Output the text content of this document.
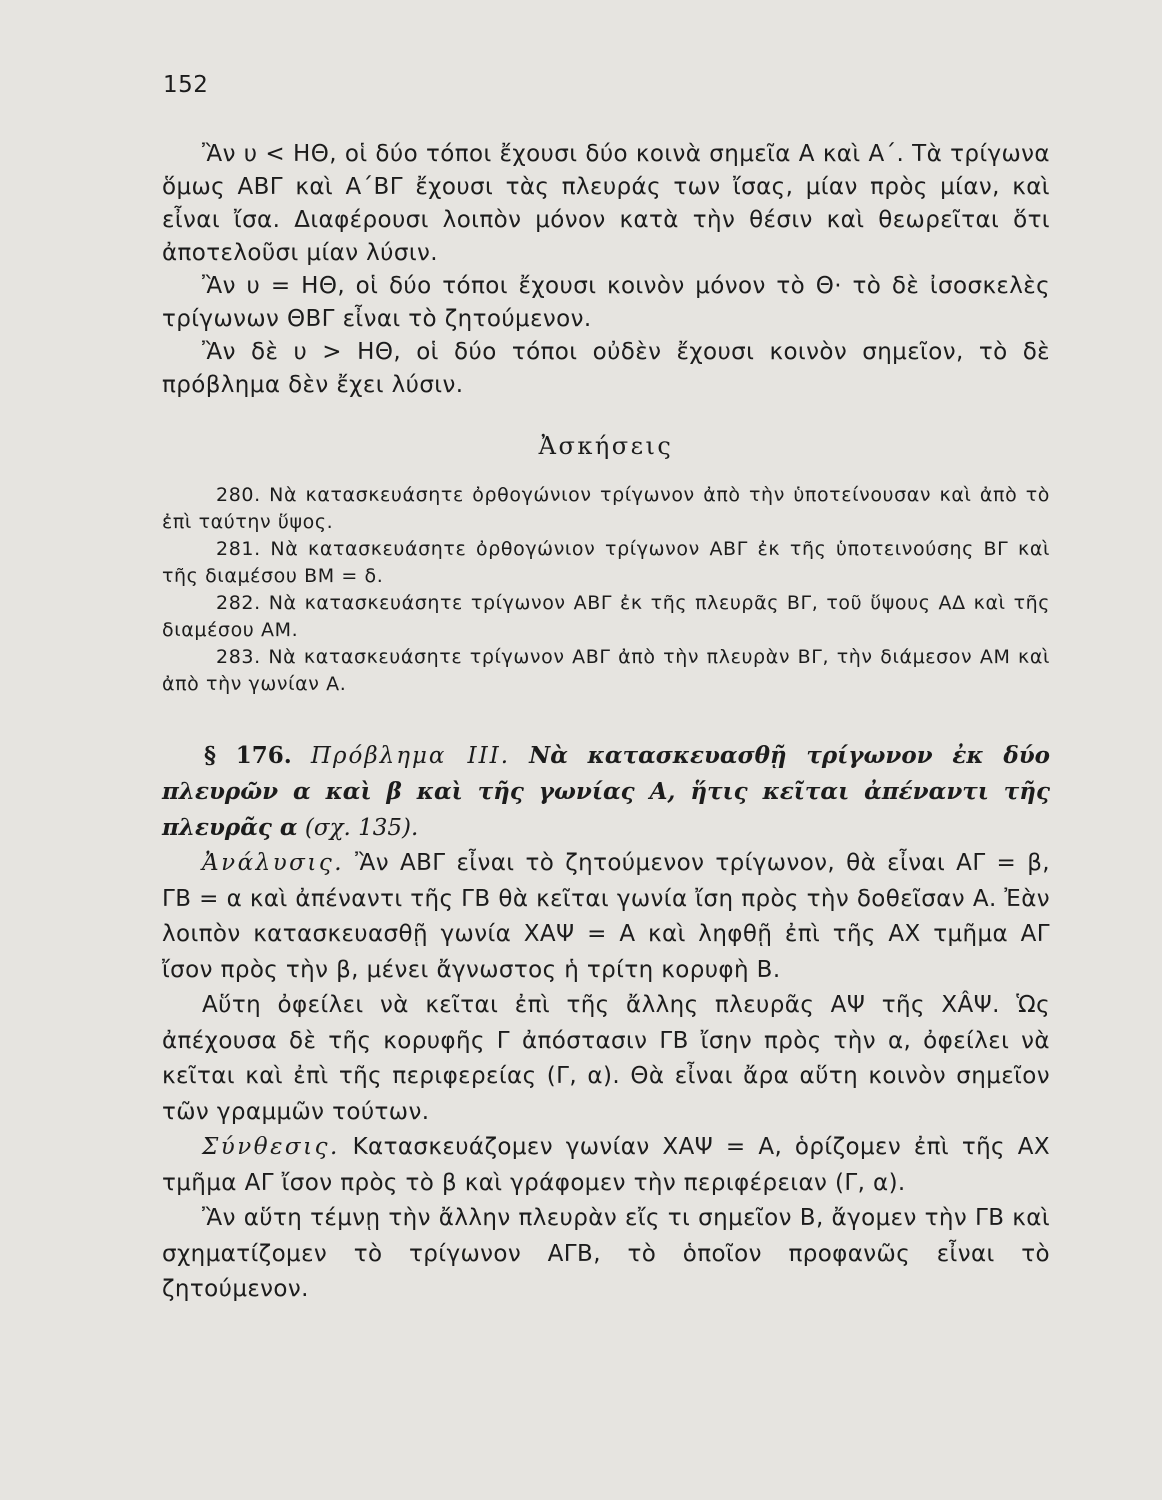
152

Ἂν υ < ΗΘ, οἱ δύο τόποι ἔχουσι δύο κοινὰ σημεῖα Α καὶ Α΄. Τὰ τρίγωνα ὅμως ΑΒΓ καὶ Α΄ΒΓ ἔχουσι τὰς πλευράς των ἴσας, μίαν πρὸς μίαν, καὶ εἶναι ἴσα. Διαφέρουσι λοιπὸν μόνον κατὰ τὴν θέσιν καὶ θεωρεῖται ὅτι ἀποτελοῦσι μίαν λύσιν.

Ἂν υ = ΗΘ, οἱ δύο τόποι ἔχουσι κοινὸν μόνον τὸ Θ· τὸ δὲ ἰσοσκελὲς τρίγωνων ΘΒΓ εἶναι τὸ ζητούμενον.

Ἂν δὲ υ > ΗΘ, οἱ δύο τόποι οὐδὲν ἔχουσι κοινὸν σημεῖον, τὸ δὲ πρόβλημα δὲν ἔχει λύσιν.

Ἀσκήσεις

280. Νὰ κατασκευάσητε ὀρθογώνιον τρίγωνον ἀπὸ τὴν ὑποτείνουσαν καὶ ἀπὸ τὸ ἐπὶ ταύτην ὕψος.

281. Νὰ κατασκευάσητε ὀρθογώνιον τρίγωνον ΑΒΓ ἐκ τῆς ὑποτεινούσης ΒΓ καὶ τῆς διαμέσου ΒΜ = δ.

282. Νὰ κατασκευάσητε τρίγωνον ΑΒΓ ἐκ τῆς πλευρᾶς ΒΓ, τοῦ ὕψους ΑΔ καὶ τῆς διαμέσου ΑΜ.

283. Νὰ κατασκευάσητε τρίγωνον ΑΒΓ ἀπὸ τὴν πλευρὰν ΒΓ, τὴν διάμεσον ΑΜ καὶ ἀπὸ τὴν γωνίαν Α.

§ 176. Πρόβλημα III. Νὰ κατασκευασθῇ τρίγωνον ἐκ δύο πλευρῶν α καὶ β καὶ τῆς γωνίας Α, ἥτις κεῖται ἀπέναντι τῆς πλευρᾶς α (σχ. 135).

Ἀνάλυσις. Ἂν ΑΒΓ εἶναι τὸ ζητούμενον τρίγωνον, θὰ εἶναι ΑΓ = β, ΓΒ = α καὶ ἀπέναντι τῆς ΓΒ θὰ κεῖται γωνία ἴση πρὸς τὴν δοθεῖσαν Α. Ἐὰν λοιπὸν κατασκευασθῇ γωνία ΧΑΨ = Α καὶ ληφθῇ ἐπὶ τῆς ΑΧ τμῆμα ΑΓ ἴσον πρὸς τὴν β, μένει ἄγνωστος ἡ τρίτη κορυφὴ Β.

Αὕτη ὀφείλει νὰ κεῖται ἐπὶ τῆς ἄλλης πλευρᾶς ΑΨ τῆς ΧÂΨ. Ὡς ἀπέχουσα δὲ τῆς κορυφῆς Γ ἀπόστασιν ΓΒ ἴσην πρὸς τὴν α, ὀφείλει νὰ κεῖται καὶ ἐπὶ τῆς περιφερείας (Γ, α). Θὰ εἶναι ἄρα αὕτη κοινὸν σημεῖον τῶν γραμμῶν τούτων.

Σύνθεσις. Κατασκευάζομεν γωνίαν ΧΑΨ = Α, ὁρίζομεν ἐπὶ τῆς ΑΧ τμῆμα ΑΓ ἴσον πρὸς τὸ β καὶ γράφομεν τὴν περιφέρειαν (Γ, α).

Ἂν αὕτη τέμνῃ τὴν ἄλλην πλευρὰν εἴς τι σημεῖον Β, ἄγομεν τὴν ΓΒ καὶ σχηματίζομεν τὸ τρίγωνον ΑΓΒ, τὸ ὁποῖον προφανῶς εἶναι τὸ ζητούμενον.
